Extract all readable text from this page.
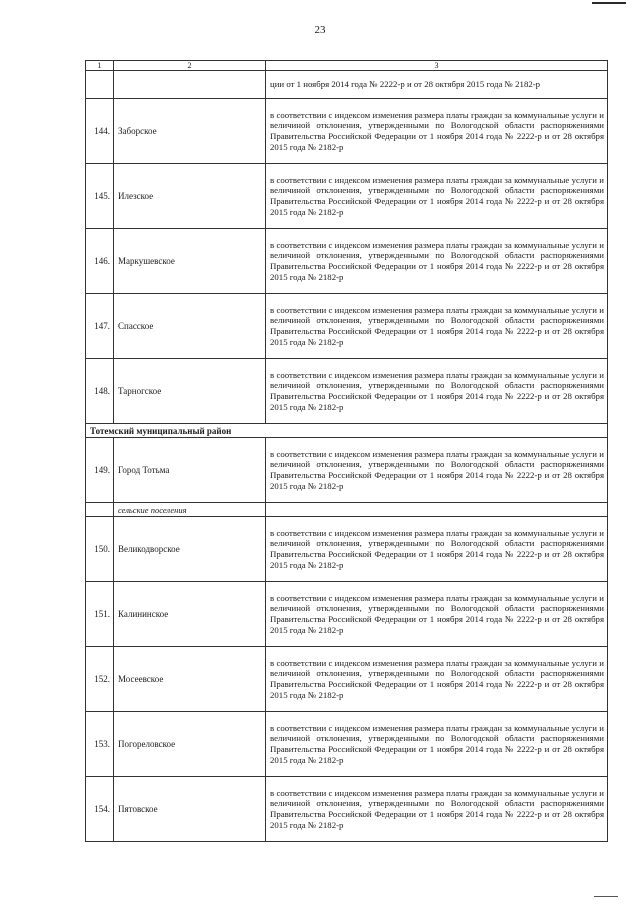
23
1	2	3
		ции от 1 ноября 2014 года № 2222-р и от 28 октября 2015 года № 2182-р
144.	Заборское	в соответствии с индексом изменения размера платы граждан за коммунальные услуги и величиной отклонения, утвержденными по Вологодской области распоряжениями Правительства Российской Федерации от 1 ноября 2014 года № 2222-р и от 28 октября 2015 года № 2182-р
145.	Илезское	в соответствии с индексом изменения размера платы граждан за коммунальные услуги и величиной отклонения, утвержденными по Вологодской области распоряжениями Правительства Российской Федерации от 1 ноября 2014 года № 2222-р и от 28 октября 2015 года № 2182-р
146.	Маркушевское	в соответствии с индексом изменения размера платы граждан за коммунальные услуги и величиной отклонения, утвержденными по Вологодской области распоряжениями Правительства Российской Федерации от 1 ноября 2014 года № 2222-р и от 28 октября 2015 года № 2182-р
147.	Спасское	в соответствии с индексом изменения размера платы граждан за коммунальные услуги и величиной отклонения, утвержденными по Вологодской области распоряжениями Правительства Российской Федерации от 1 ноября 2014 года № 2222-р и от 28 октября 2015 года № 2182-р
148.	Тарногское	в соответствии с индексом изменения размера платы граждан за коммунальные услуги и величиной отклонения, утвержденными по Вологодской области распоряжениями Правительства Российской Федерации от 1 ноября 2014 года № 2222-р и от 28 октября 2015 года № 2182-р
Тотемский муниципальный район		
149.	Город Тотьма	в соответствии с индексом изменения размера платы граждан за коммунальные услуги и величиной отклонения, утвержденными по Вологодской области распоряжениями Правительства Российской Федерации от 1 ноября 2014 года № 2222-р и от 28 октября 2015 года № 2182-р
	сельские поселения	
150.	Великодворское	в соответствии с индексом изменения размера платы граждан за коммунальные услуги и величиной отклонения, утвержденными по Вологодской области распоряжениями Правительства Российской Федерации от 1 ноября 2014 года № 2222-р и от 28 октября 2015 года № 2182-р
151.	Калининское	в соответствии с индексом изменения размера платы граждан за коммунальные услуги и величиной отклонения, утвержденными по Вологодской области распоряжениями Правительства Российской Федерации от 1 ноября 2014 года № 2222-р и от 28 октября 2015 года № 2182-р
152.	Мосеевское	в соответствии с индексом изменения размера платы граждан за коммунальные услуги и величиной отклонения, утвержденными по Вологодской области распоряжениями Правительства Российской Федерации от 1 ноября 2014 года № 2222-р и от 28 октября 2015 года № 2182-р
153.	Погореловское	в соответствии с индексом изменения размера платы граждан за коммунальные услуги и величиной отклонения, утвержденными по Вологодской области распоряжениями Правительства Российской Федерации от 1 ноября 2014 года № 2222-р и от 28 октября 2015 года № 2182-р
154.	Пятовское	в соответствии с индексом изменения размера платы граждан за коммунальные услуги и величиной отклонения, утвержденными по Вологодской области распоряжениями Правительства Российской Федерации от 1 ноября 2014 года № 2222-р и от 28 октября 2015 года № 2182-р
